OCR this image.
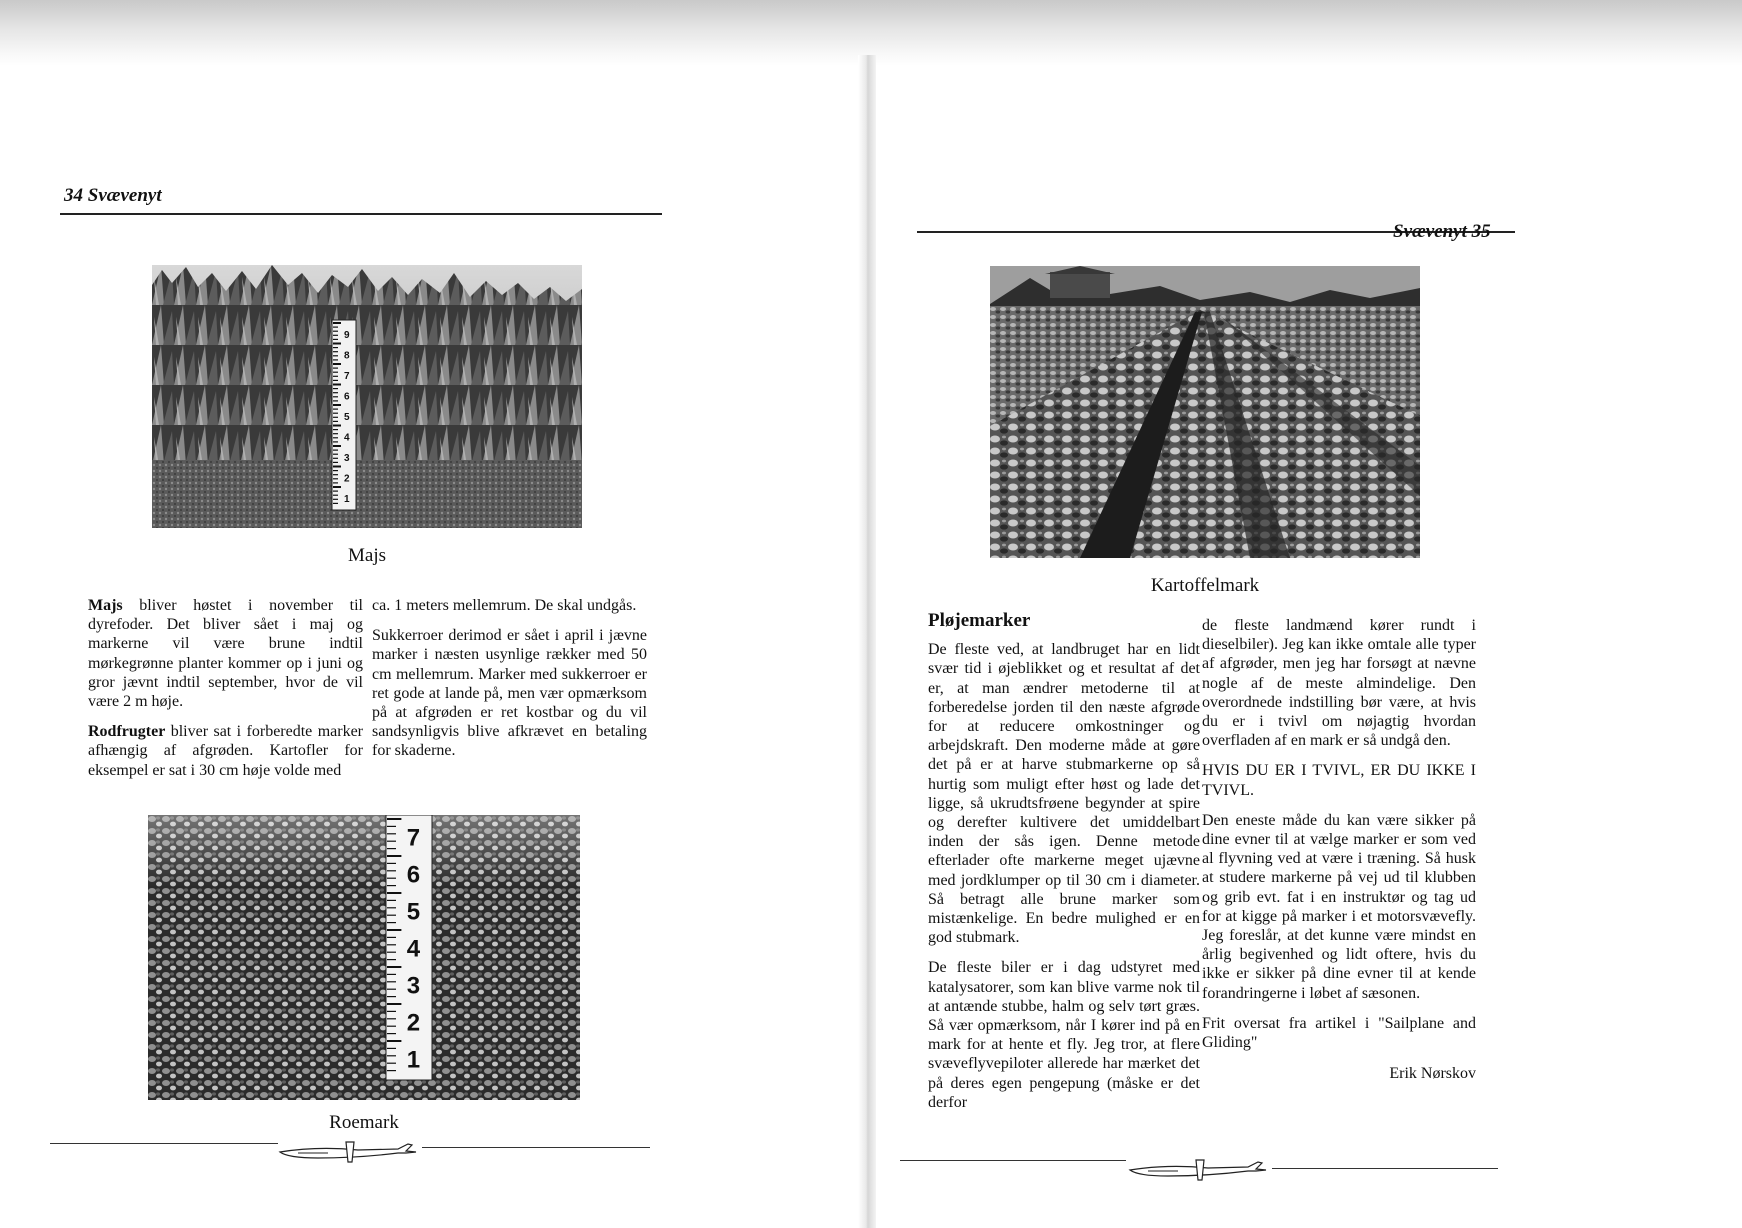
34 Svævenyt
9
8
7
6
5
4
3
2
1
Majs

Majs bliver høstet i november til dyrefoder. Det bliver sået i maj og markerne vil være brune indtil mørkegrønne planter kommer op i juni og gror jævnt indtil september, hvor de vil være 2 m høje.

Rodfrugter bliver sat i forberedte marker afhængig af afgrøden. Kartofler for eksempel er sat i 30 cm høje volde med

ca. 1 meters mellemrum. De skal undgås.

Sukkerroer derimod er sået i april i jævne marker i næsten usynlige rækker med 50 cm mellemrum. Marker med sukkerroer er ret gode at lande på, men vær opmærksom på at afgrøden er ret kostbar og du vil sandsynligvis blive afkrævet en betaling for skaderne.

7
6
5
4
3
2
1
Roemark
Svævenyt 35
Kartoffelmark

Pløjemarker

De fleste ved, at landbruget har en lidt svær tid i øjeblikket og et resultat af det er, at man ændrer metoderne til at forberedelse jorden til den næste afgrøde for at reducere omkostninger og arbejdskraft. Den moderne måde at gøre det på er at harve stubmarkerne op så hurtig som muligt efter høst og lade det ligge, så ukrudtsfrøene begynder at spire og derefter kultivere det umiddelbart inden der sås igen. Denne metode efterlader ofte markerne meget ujævne med jordklumper op til 30 cm i diameter. Så betragt alle brune marker som mistænkelige. En bedre mulighed er en god stubmark.

De fleste biler er i dag udstyret med katalysatorer, som kan blive varme nok til at antænde stubbe, halm og selv tørt græs. Så vær opmærksom, når I kører ind på en mark for at hente et fly. Jeg tror, at flere svæveflyvepiloter allerede har mærket det på deres egen pengepung (måske er det derfor

de fleste landmænd kører rundt i dieselbiler). Jeg kan ikke omtale alle typer af afgrøder, men jeg har forsøgt at nævne nogle af de meste almindelige. Den overordnede indstilling bør være, at hvis du er i tvivl om nøjagtig hvordan overfladen af en mark er så undgå den.

HVIS DU ER I TVIVL, ER DU IKKE I TVIVL.

Den eneste måde du kan være sikker på dine evner til at vælge marker er som ved al flyvning ved at være i træning. Så husk at studere markerne på vej ud til klubben og grib evt. fat i en instruktør og tag ud for at kigge på marker i et motorsvævefly. Jeg foreslår, at det kunne være mindst en årlig begivenhed og lidt oftere, hvis du ikke er sikker på dine evner til at kende forandringerne i løbet af sæsonen.

Frit oversat fra artikel i "Sailplane and Gliding"

Erik Nørskov
